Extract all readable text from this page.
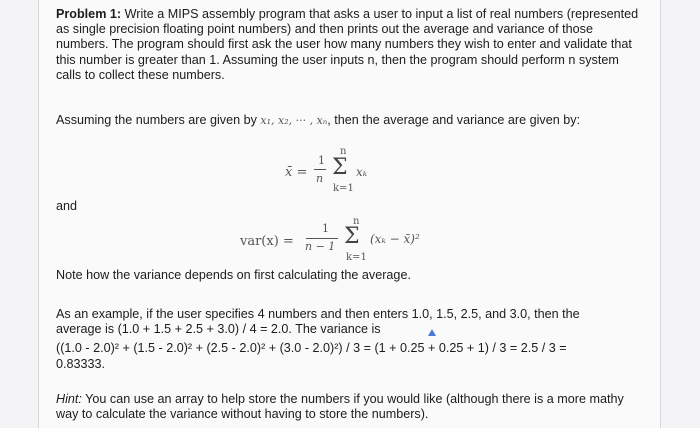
Problem 1: Write a MIPS assembly program that asks a user to input a list of real numbers (represented as single precision floating point numbers) and then prints out the average and variance of those numbers. The program should first ask the user how many numbers they wish to enter and validate that this number is greater than 1. Assuming the user inputs n, then the program should perform n system calls to collect these numbers.

Assuming the numbers are given by x₁, x₂, ··· , xₙ, then the average and variance are given by:

x̄ =
1
n
n
Σ
k=1
xₖ

and

var(x) =
1
n − 1
n
Σ
k=1
(xₖ − x̄)²

Note how the variance depends on first calculating the average.

As an example, if the user specifies 4 numbers and then enters 1.0, 1.5, 2.5, and 3.0, then the

average is (1.0 + 1.5 + 2.5 + 3.0) / 4 = 2.0. The variance is

((1.0 - 2.0)² + (1.5 - 2.0)² + (2.5 - 2.0)² + (3.0 - 2.0)²) / 3 = (1 + 0.25 + 0.25 + 1) / 3 = 2.5 / 3 =

0.83333.

Hint: You can use an array to help store the numbers if you would like (although there is a more mathy way to calculate the variance without having to store the numbers).
